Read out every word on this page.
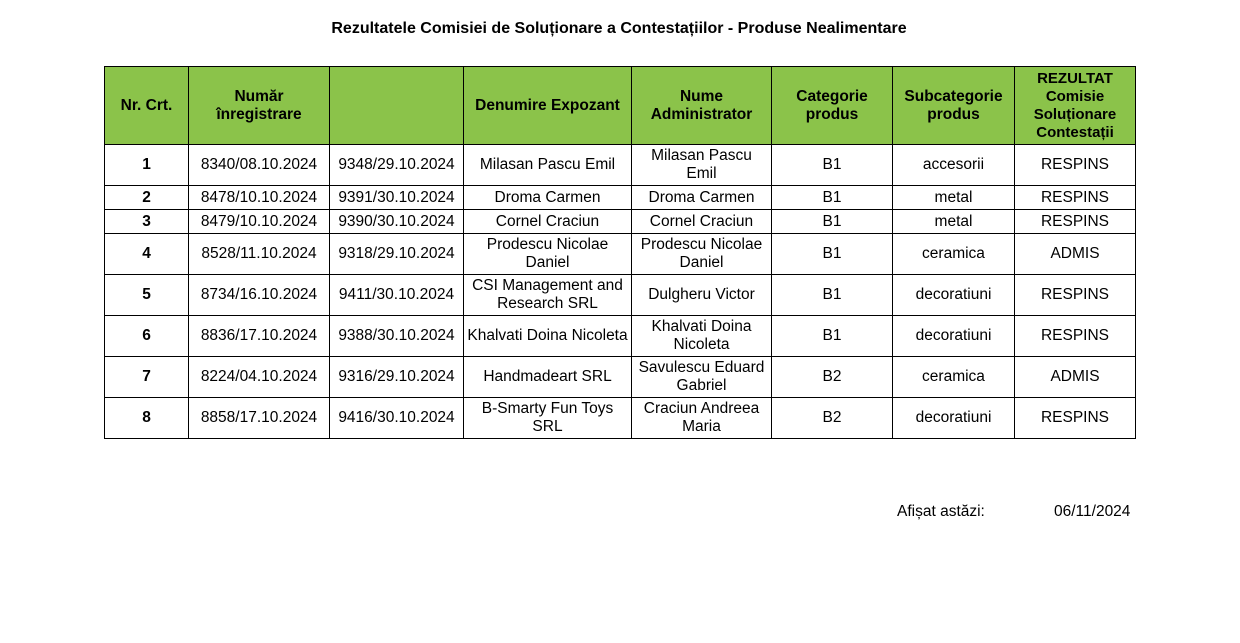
Rezultatele Comisiei de Soluționare a Contestațiilor - Produse Nealimentare
Nr. Crt.	Număr înregistrare		Denumire Expozant	Nume Administrator	Categorie produs	Subcategorie produs	REZULTAT Comisie Soluționare Contestații
1	8340/08.10.2024	9348/29.10.2024	Milasan Pascu Emil	Milasan Pascu Emil	B1	accesorii	RESPINS
2	8478/10.10.2024	9391/30.10.2024	Droma Carmen	Droma Carmen	B1	metal	RESPINS
3	8479/10.10.2024	9390/30.10.2024	Cornel Craciun	Cornel Craciun	B1	metal	RESPINS
4	8528/11.10.2024	9318/29.10.2024	Prodescu Nicolae Daniel	Prodescu Nicolae Daniel	B1	ceramica	ADMIS
5	8734/16.10.2024	9411/30.10.2024	CSI Management and Research SRL	Dulgheru Victor	B1	decoratiuni	RESPINS
6	8836/17.10.2024	9388/30.10.2024	Khalvati Doina Nicoleta	Khalvati Doina Nicoleta	B1	decoratiuni	RESPINS
7	8224/04.10.2024	9316/29.10.2024	Handmadeart SRL	Savulescu Eduard Gabriel	B2	ceramica	ADMIS
8	8858/17.10.2024	9416/30.10.2024	B-Smarty Fun Toys SRL	Craciun Andreea Maria	B2	decoratiuni	RESPINS
Afișat astăzi:	06/11/2024
